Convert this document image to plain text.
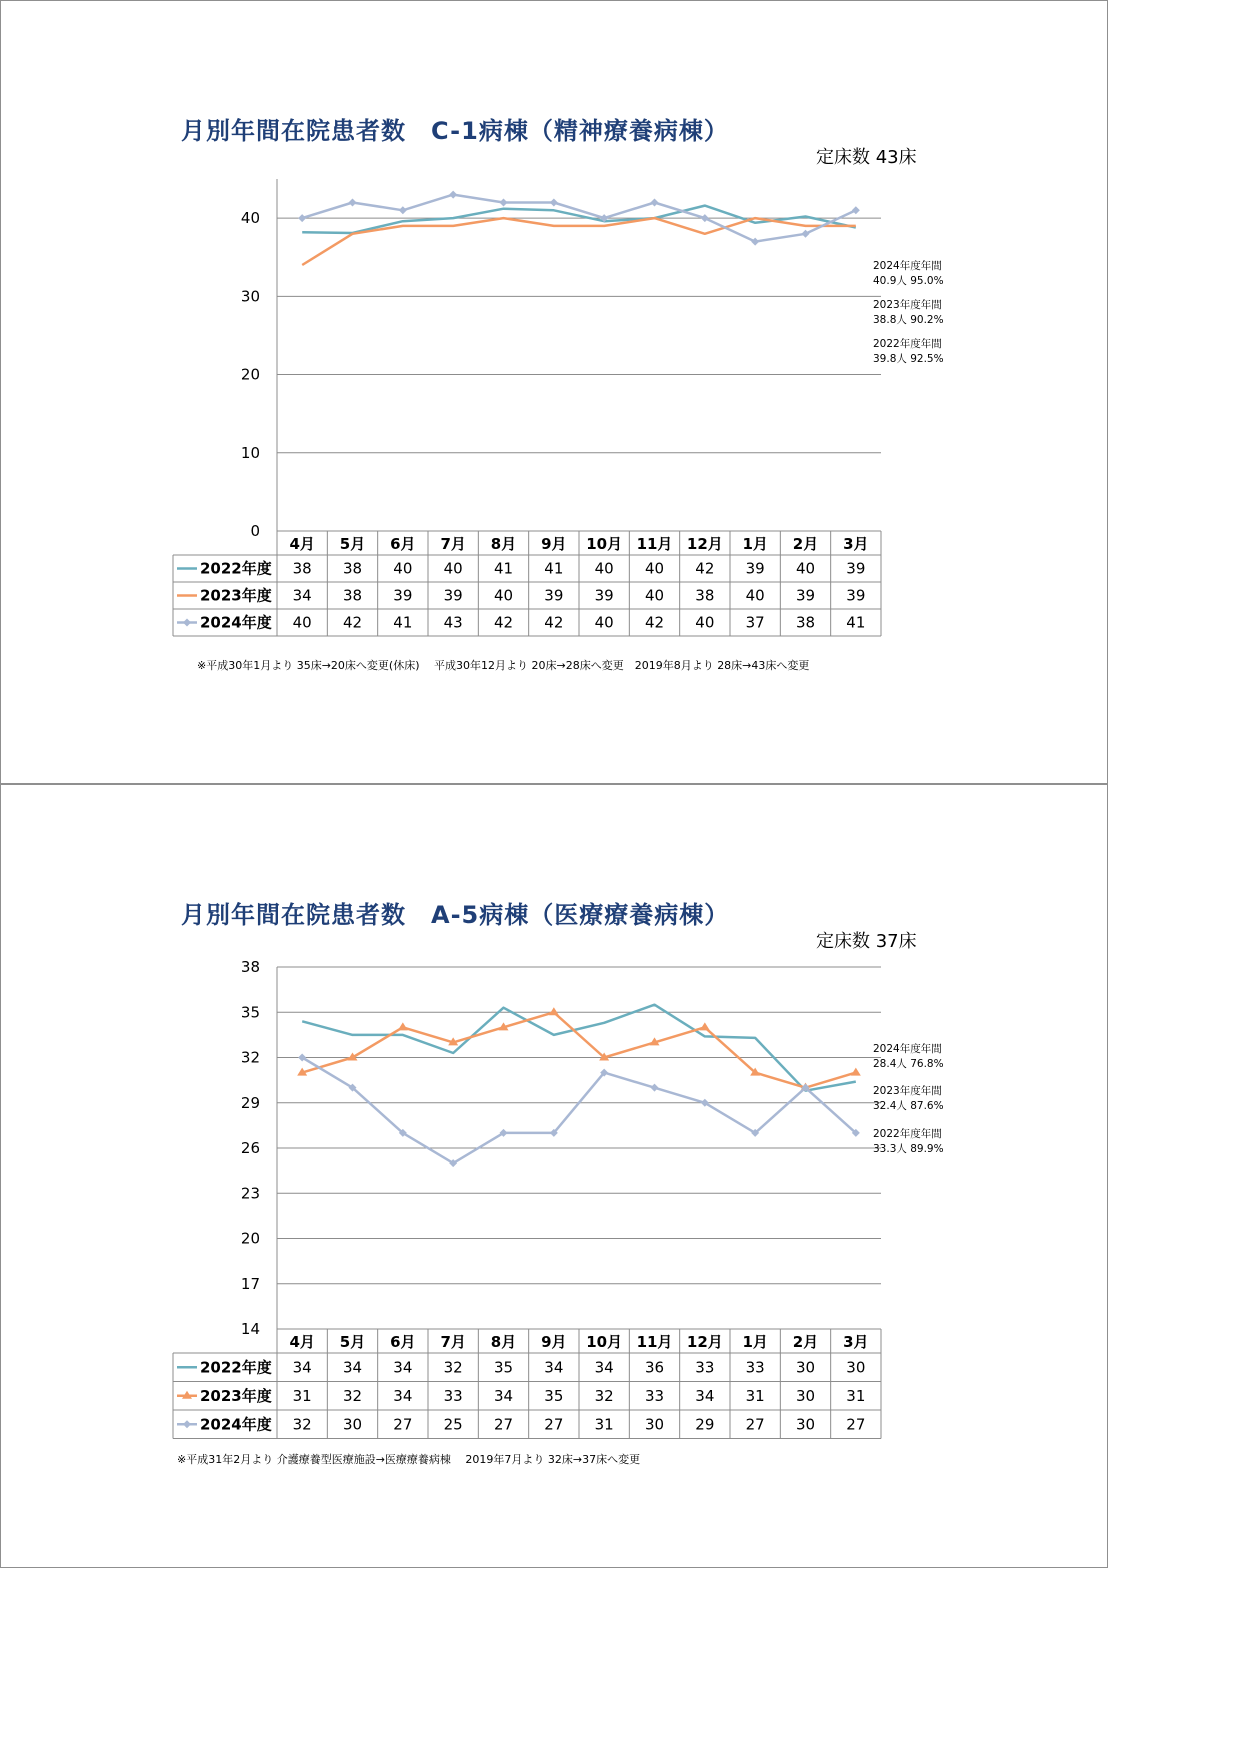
月別年間在院患者数　C-1病棟（精神療養病棟）
定床数 43床
0
10
20
30
40
4月 5月 6月 7月 8月 9月 10月 11月 12月 1月 2月 3月
2022年度 38 38 40 40 41 41 40 40 42 39 40 39
2023年度 34 38 39 39 40 39 39 40 38 40 39 39
2024年度 40 42 41 43 42 42 40 42 40 37 38 41
2024年度年間
40.9人 95.0%
2023年度年間
38.8人 90.2%
2022年度年間
39.8人 92.5%
※平成30年1月より 35床→20床へ変更(休床)　 平成30年12月より 20床→28床へ変更　2019年8月より 28床→43床へ変更
月別年間在院患者数　A-5病棟（医療療養病棟）
定床数 37床
14
17
20
23
26
29
32
35
38
4月 5月 6月 7月 8月 9月 10月 11月 12月 1月 2月 3月
2022年度 34 34 34 32 35 34 34 36 33 33 30 30
2023年度 31 32 34 33 34 35 32 33 34 31 30 31
2024年度 32 30 27 25 27 27 31 30 29 27 30 27
2024年度年間
28.4人 76.8%
2023年度年間
32.4人 87.6%
2022年度年間
33.3人 89.9%
※平成31年2月より 介護療養型医療施設→医療療養病棟　 2019年7月より 32床→37床へ変更
